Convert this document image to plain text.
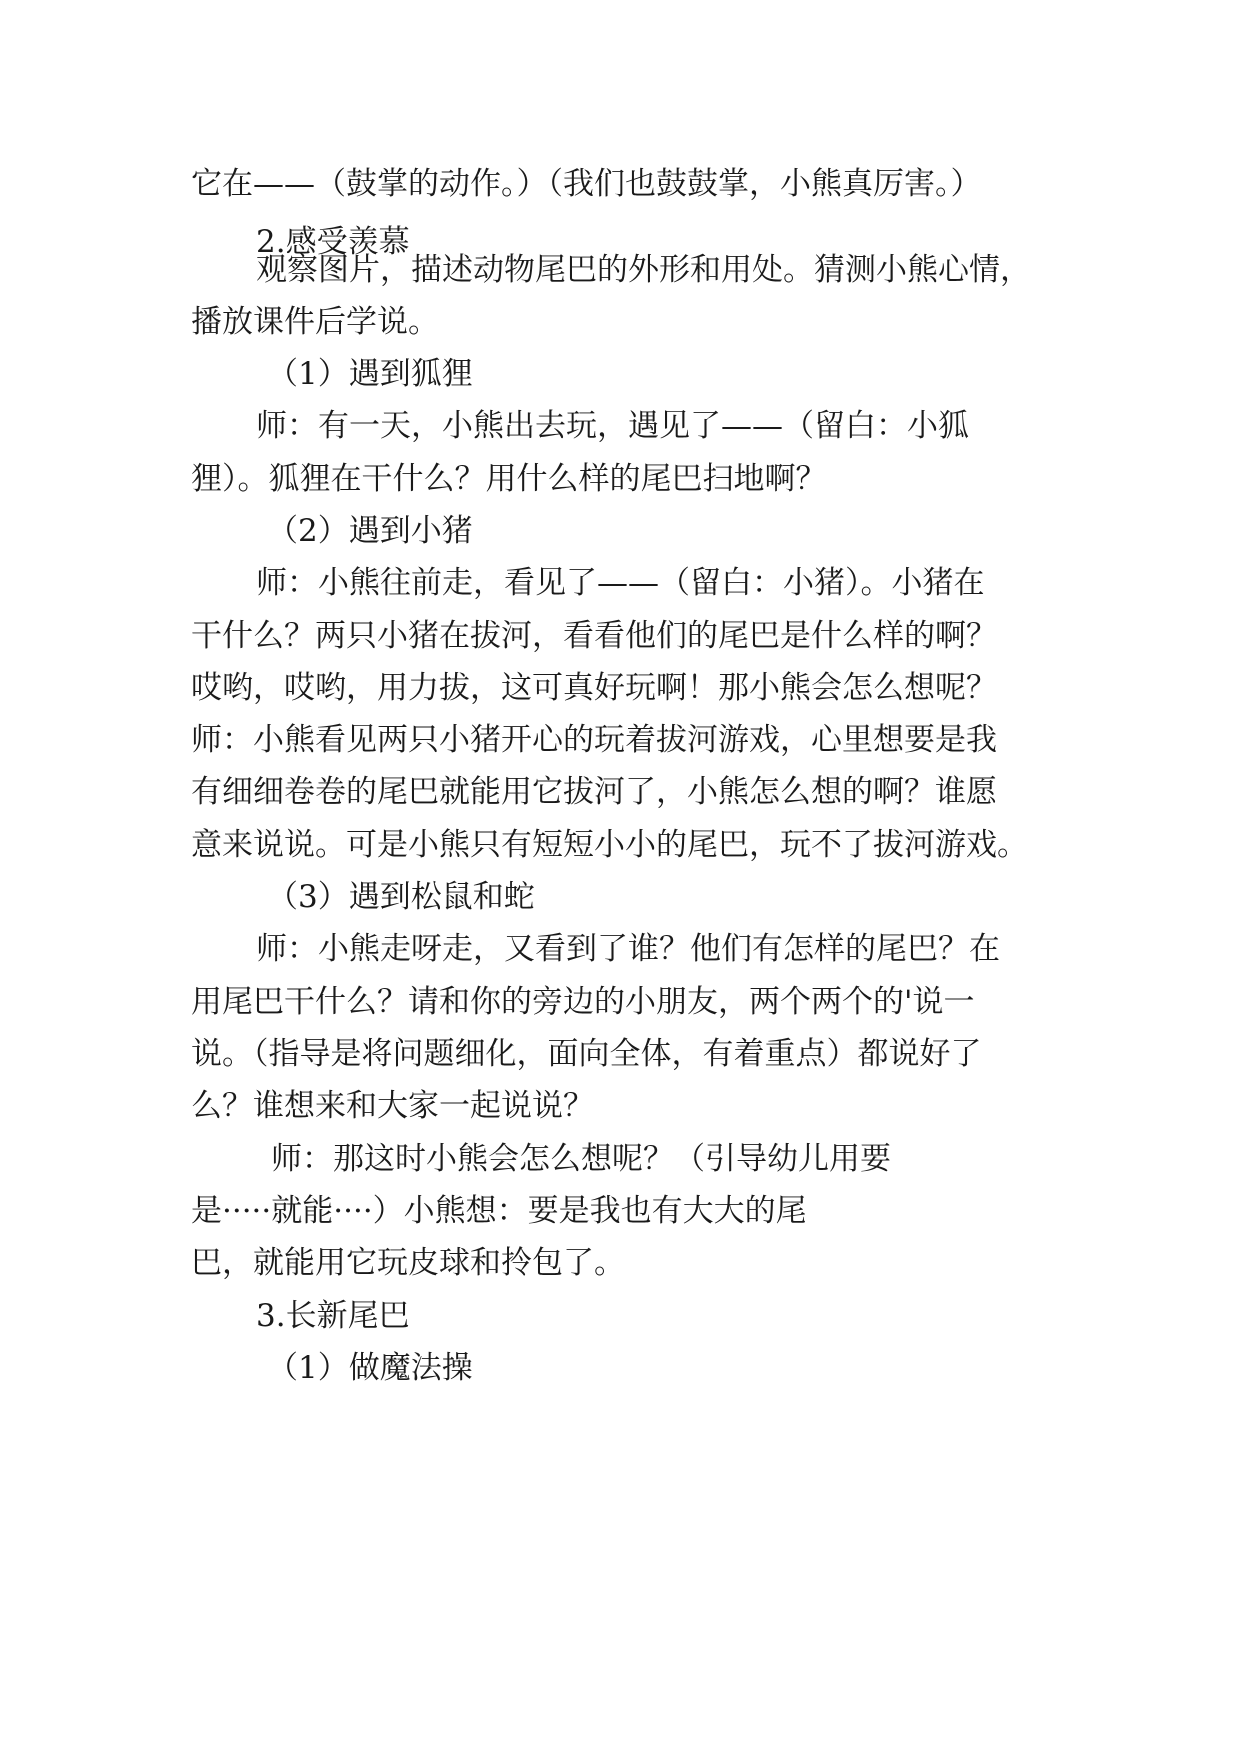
它在——（鼓掌的动作。）（我们也鼓鼓掌，小熊真厉害。）
2.感受羡慕
观察图片，描述动物尾巴的外形和用处。猜测小熊心情，
播放课件后学说。
（1）遇到狐狸
师：有一天，小熊出去玩，遇见了——（留白：小狐
狸）。狐狸在干什么？用什么样的尾巴扫地啊？
（2）遇到小猪
师：小熊往前走，看见了——（留白：小猪）。小猪在
干什么？两只小猪在拔河，看看他们的尾巴是什么样的啊？
哎哟，哎哟，用力拔，这可真好玩啊！那小熊会怎么想呢？
师：小熊看见两只小猪开心的玩着拔河游戏，心里想要是我
有细细卷卷的尾巴就能用它拔河了，小熊怎么想的啊？谁愿
意来说说。可是小熊只有短短小小的尾巴，玩不了拔河游戏。
（3）遇到松鼠和蛇
师：小熊走呀走，又看到了谁？他们有怎样的尾巴？在
用尾巴干什么？请和你的旁边的小朋友，两个两个的'说一
说。（指导是将问题细化，面向全体，有着重点）都说好了
么？谁想来和大家一起说说？
师：那这时小熊会怎么想呢？（引导幼儿用要
是·····就能····）小熊想：要是我也有大大的尾
巴，就能用它玩皮球和拎包了。
3.长新尾巴
（1）做魔法操
